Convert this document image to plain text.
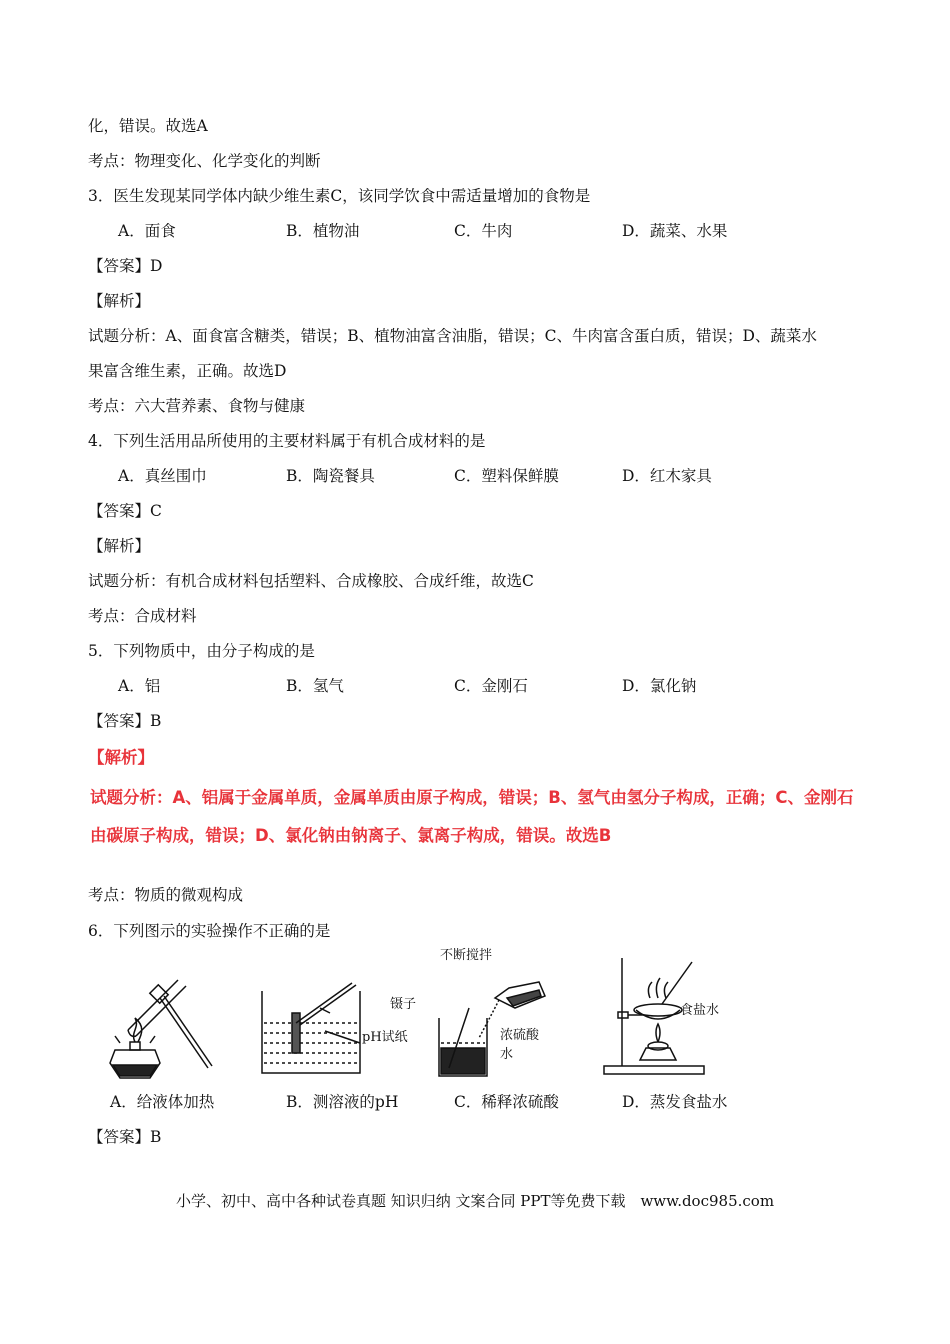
化，错误。故选A
考点：物理变化、化学变化的判断
3．医生发现某同学体内缺少维生素C，该同学饮食中需适量增加的食物是
A．面食	B．植物油	C．牛肉	D．蔬菜、水果
【答案】D
【解析】
试题分析：A、面食富含糖类，错误；B、植物油富含油脂，错误；C、牛肉富含蛋白质，错误；D、蔬菜水
果富含维生素，正确。故选D
考点：六大营养素、食物与健康
4．下列生活用品所使用的主要材料属于有机合成材料的是
A．真丝围巾	B．陶瓷餐具	C．塑料保鲜膜	D．红木家具
【答案】C
【解析】
试题分析：有机合成材料包括塑料、合成橡胶、合成纤维，故选C
考点：合成材料
5．下列物质中，由分子构成的是
A．铝	B．氢气	C．金刚石	D．氯化钠
【答案】B
【解析】
试题分析：A、铝属于金属单质，金属单质由原子构成，错误；B、氢气由氢分子构成，正确；C、金刚石
由碳原子构成，错误；D、氯化钠由钠离子、氯离子构成，错误。故选B
考点：物质的微观构成
6．下列图示的实验操作不正确的是
镊子
pH试纸
不断搅拌
浓硫酸
水
食盐水
A．给液体加热	B．测溶液的pH	C．稀释浓硫酸	D．蒸发食盐水
【答案】B
小学、初中、高中各种试卷真题 知识归纳 文案合同 PPT等免费下载　www.doc985.com
